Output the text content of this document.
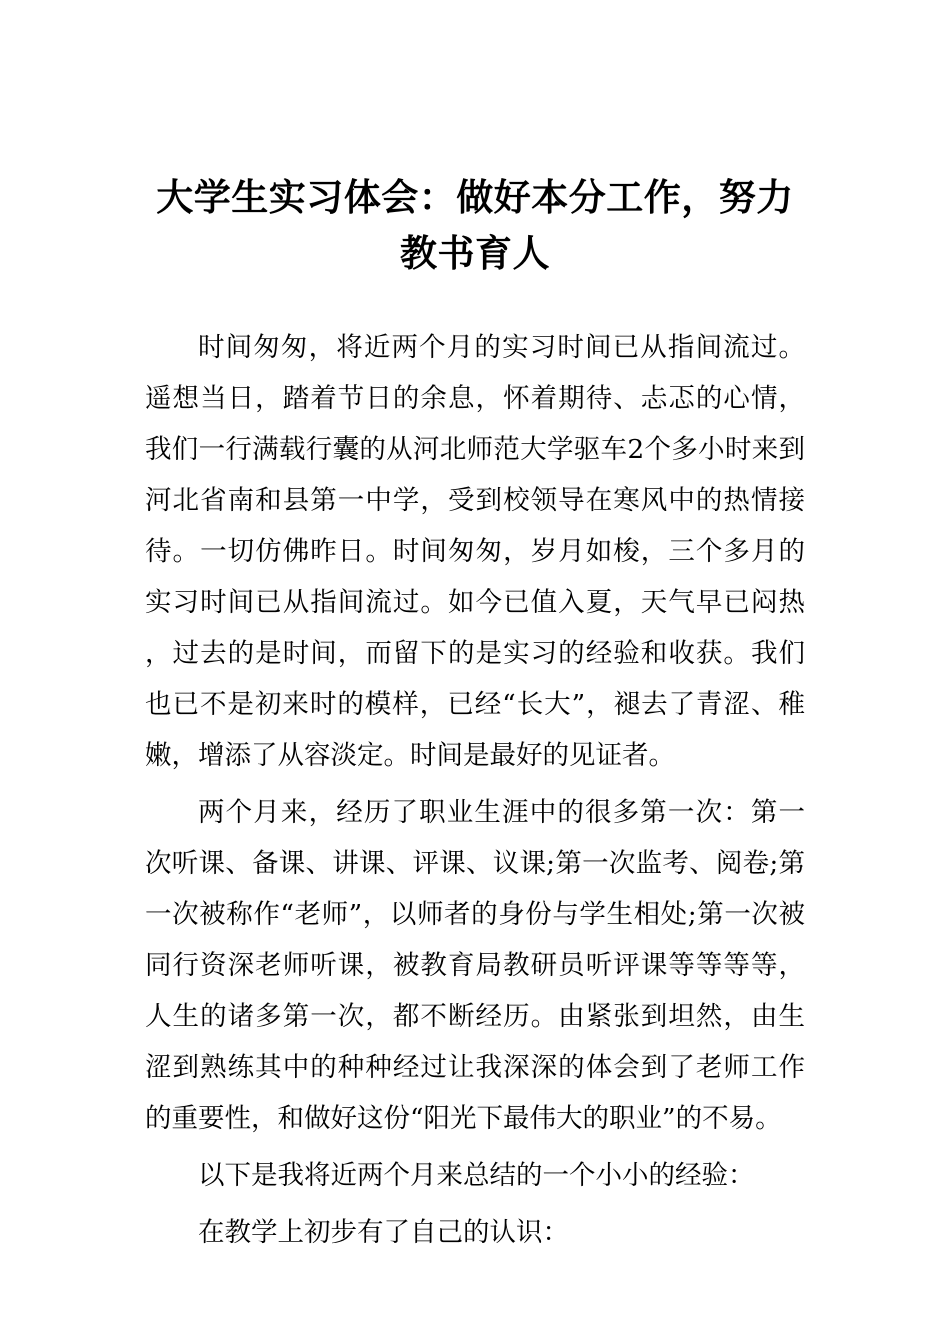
大学生实习体会：做好本分工作，努力教书育人

时间匆匆，将近两个月的实习时间已从指间流过。遥想当日，踏着节日的余息，怀着期待、忐忑的心情，我们一行满载行囊的从河北师范大学驱车2个多小时来到河北省南和县第一中学，受到校领导在寒风中的热情接待。一切仿佛昨日。时间匆匆，岁月如梭，三个多月的实习时间已从指间流过。如今已值入夏，天气早已闷热，过去的是时间，而留下的是实习的经验和收获。我们也已不是初来时的模样，已经“长大”，褪去了青涩、稚嫩，增添了从容淡定。时间是最好的见证者。

两个月来，经历了职业生涯中的很多第一次：第一次听课、备课、讲课、评课、议课;第一次监考、阅卷;第一次被称作“老师”，以师者的身份与学生相处;第一次被同行资深老师听课，被教育局教研员听评课等等等等，人生的诸多第一次，都不断经历。由紧张到坦然，由生涩到熟练其中的种种经过让我深深的体会到了老师工作的重要性，和做好这份“阳光下最伟大的职业”的不易。

以下是我将近两个月来总结的一个小小的经验：

在教学上初步有了自己的认识：
